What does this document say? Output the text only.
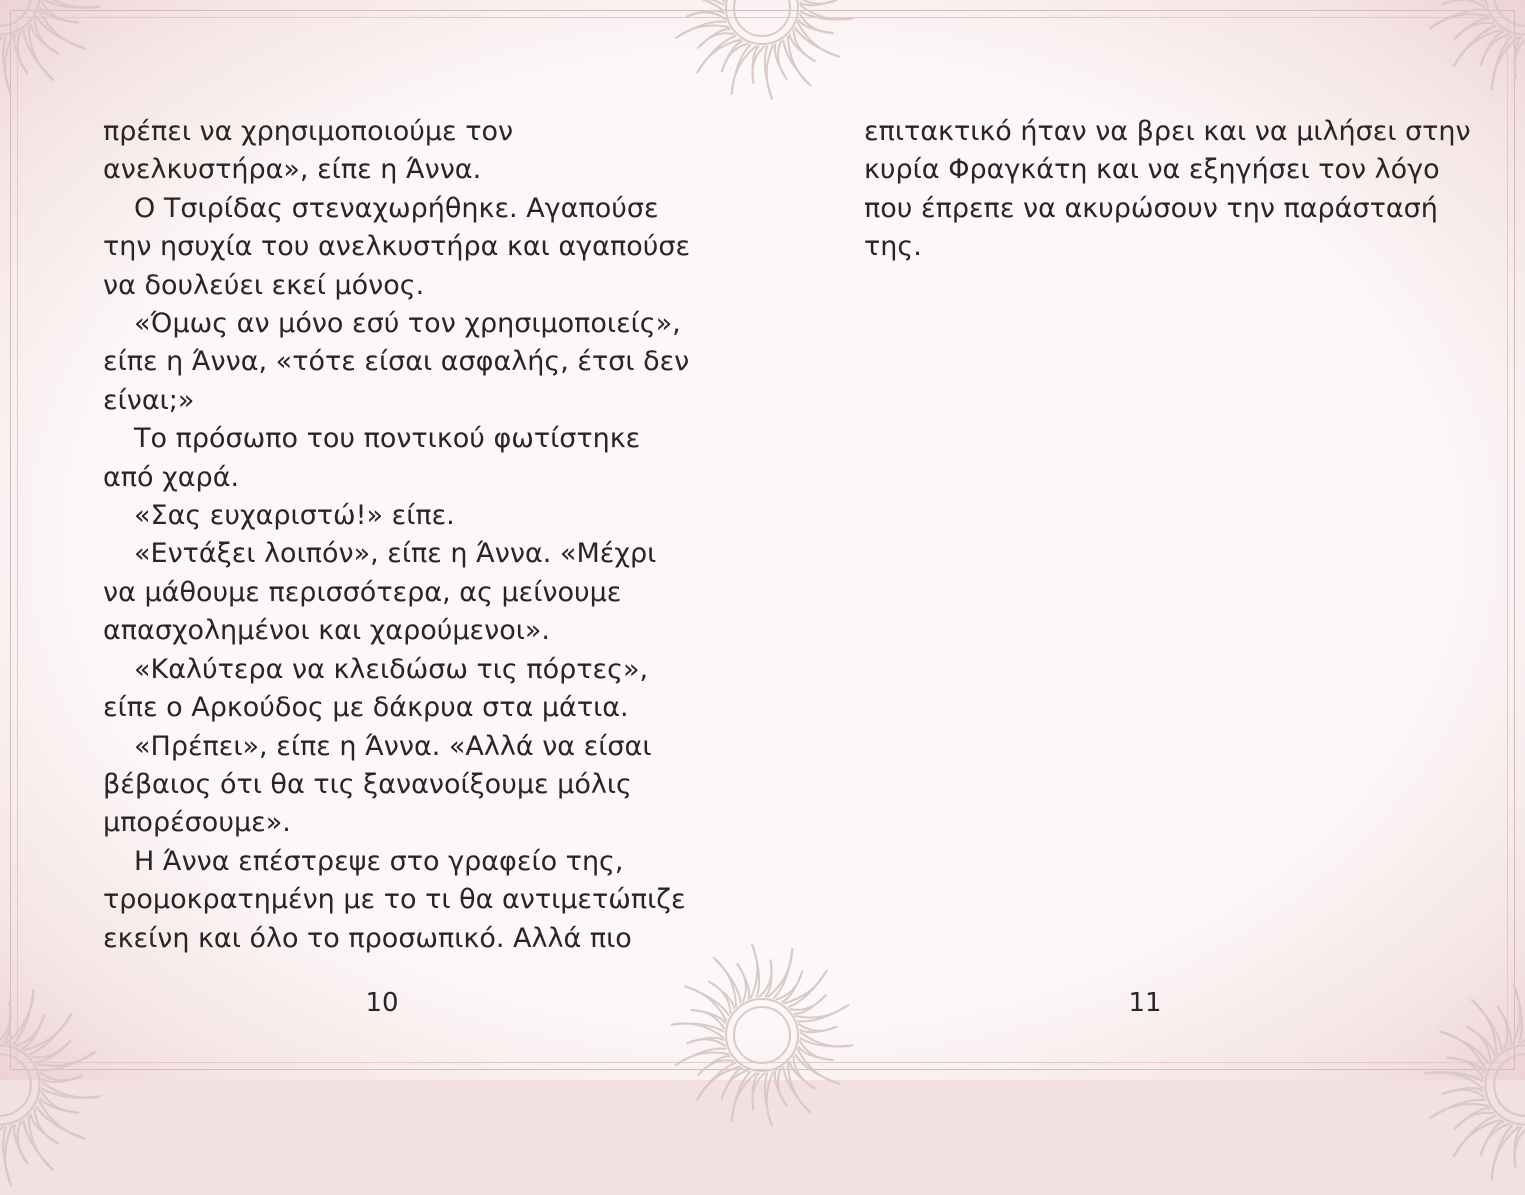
πρέπει να χρησιμοποιούμε τον
ανελκυστήρα», είπε η Άννα.
Ο Τσιρίδας στεναχωρήθηκε. Αγαπούσε
την ησυχία του ανελκυστήρα και αγαπούσε
να δουλεύει εκεί μόνος.
«Όμως αν μόνο εσύ τον χρησιμοποιείς»,
είπε η Άννα, «τότε είσαι ασφαλής, έτσι δεν
είναι;»
Το πρόσωπο του ποντικού φωτίστηκε
από χαρά.
«Σας ευχαριστώ!» είπε.
«Εντάξει λοιπόν», είπε η Άννα. «Μέχρι
να μάθουμε περισσότερα, ας μείνουμε
απασχολημένοι και χαρούμενοι».
«Καλύτερα να κλειδώσω τις πόρτες»,
είπε ο Αρκούδος με δάκρυα στα μάτια.
«Πρέπει», είπε η Άννα. «Αλλά να είσαι
βέβαιος ότι θα τις ξανανοίξουμε μόλις
μπορέσουμε».
Η Άννα επέστρεψε στο γραφείο της,
τρομοκρατημένη με το τι θα αντιμετώπιζε
εκείνη και όλο το προσωπικό. Αλλά πιο
επιτακτικό ήταν να βρει και να μιλήσει στην
κυρία Φραγκάτη και να εξηγήσει τον λόγο
που έπρεπε να ακυρώσουν την παράστασή
της.
10	11
